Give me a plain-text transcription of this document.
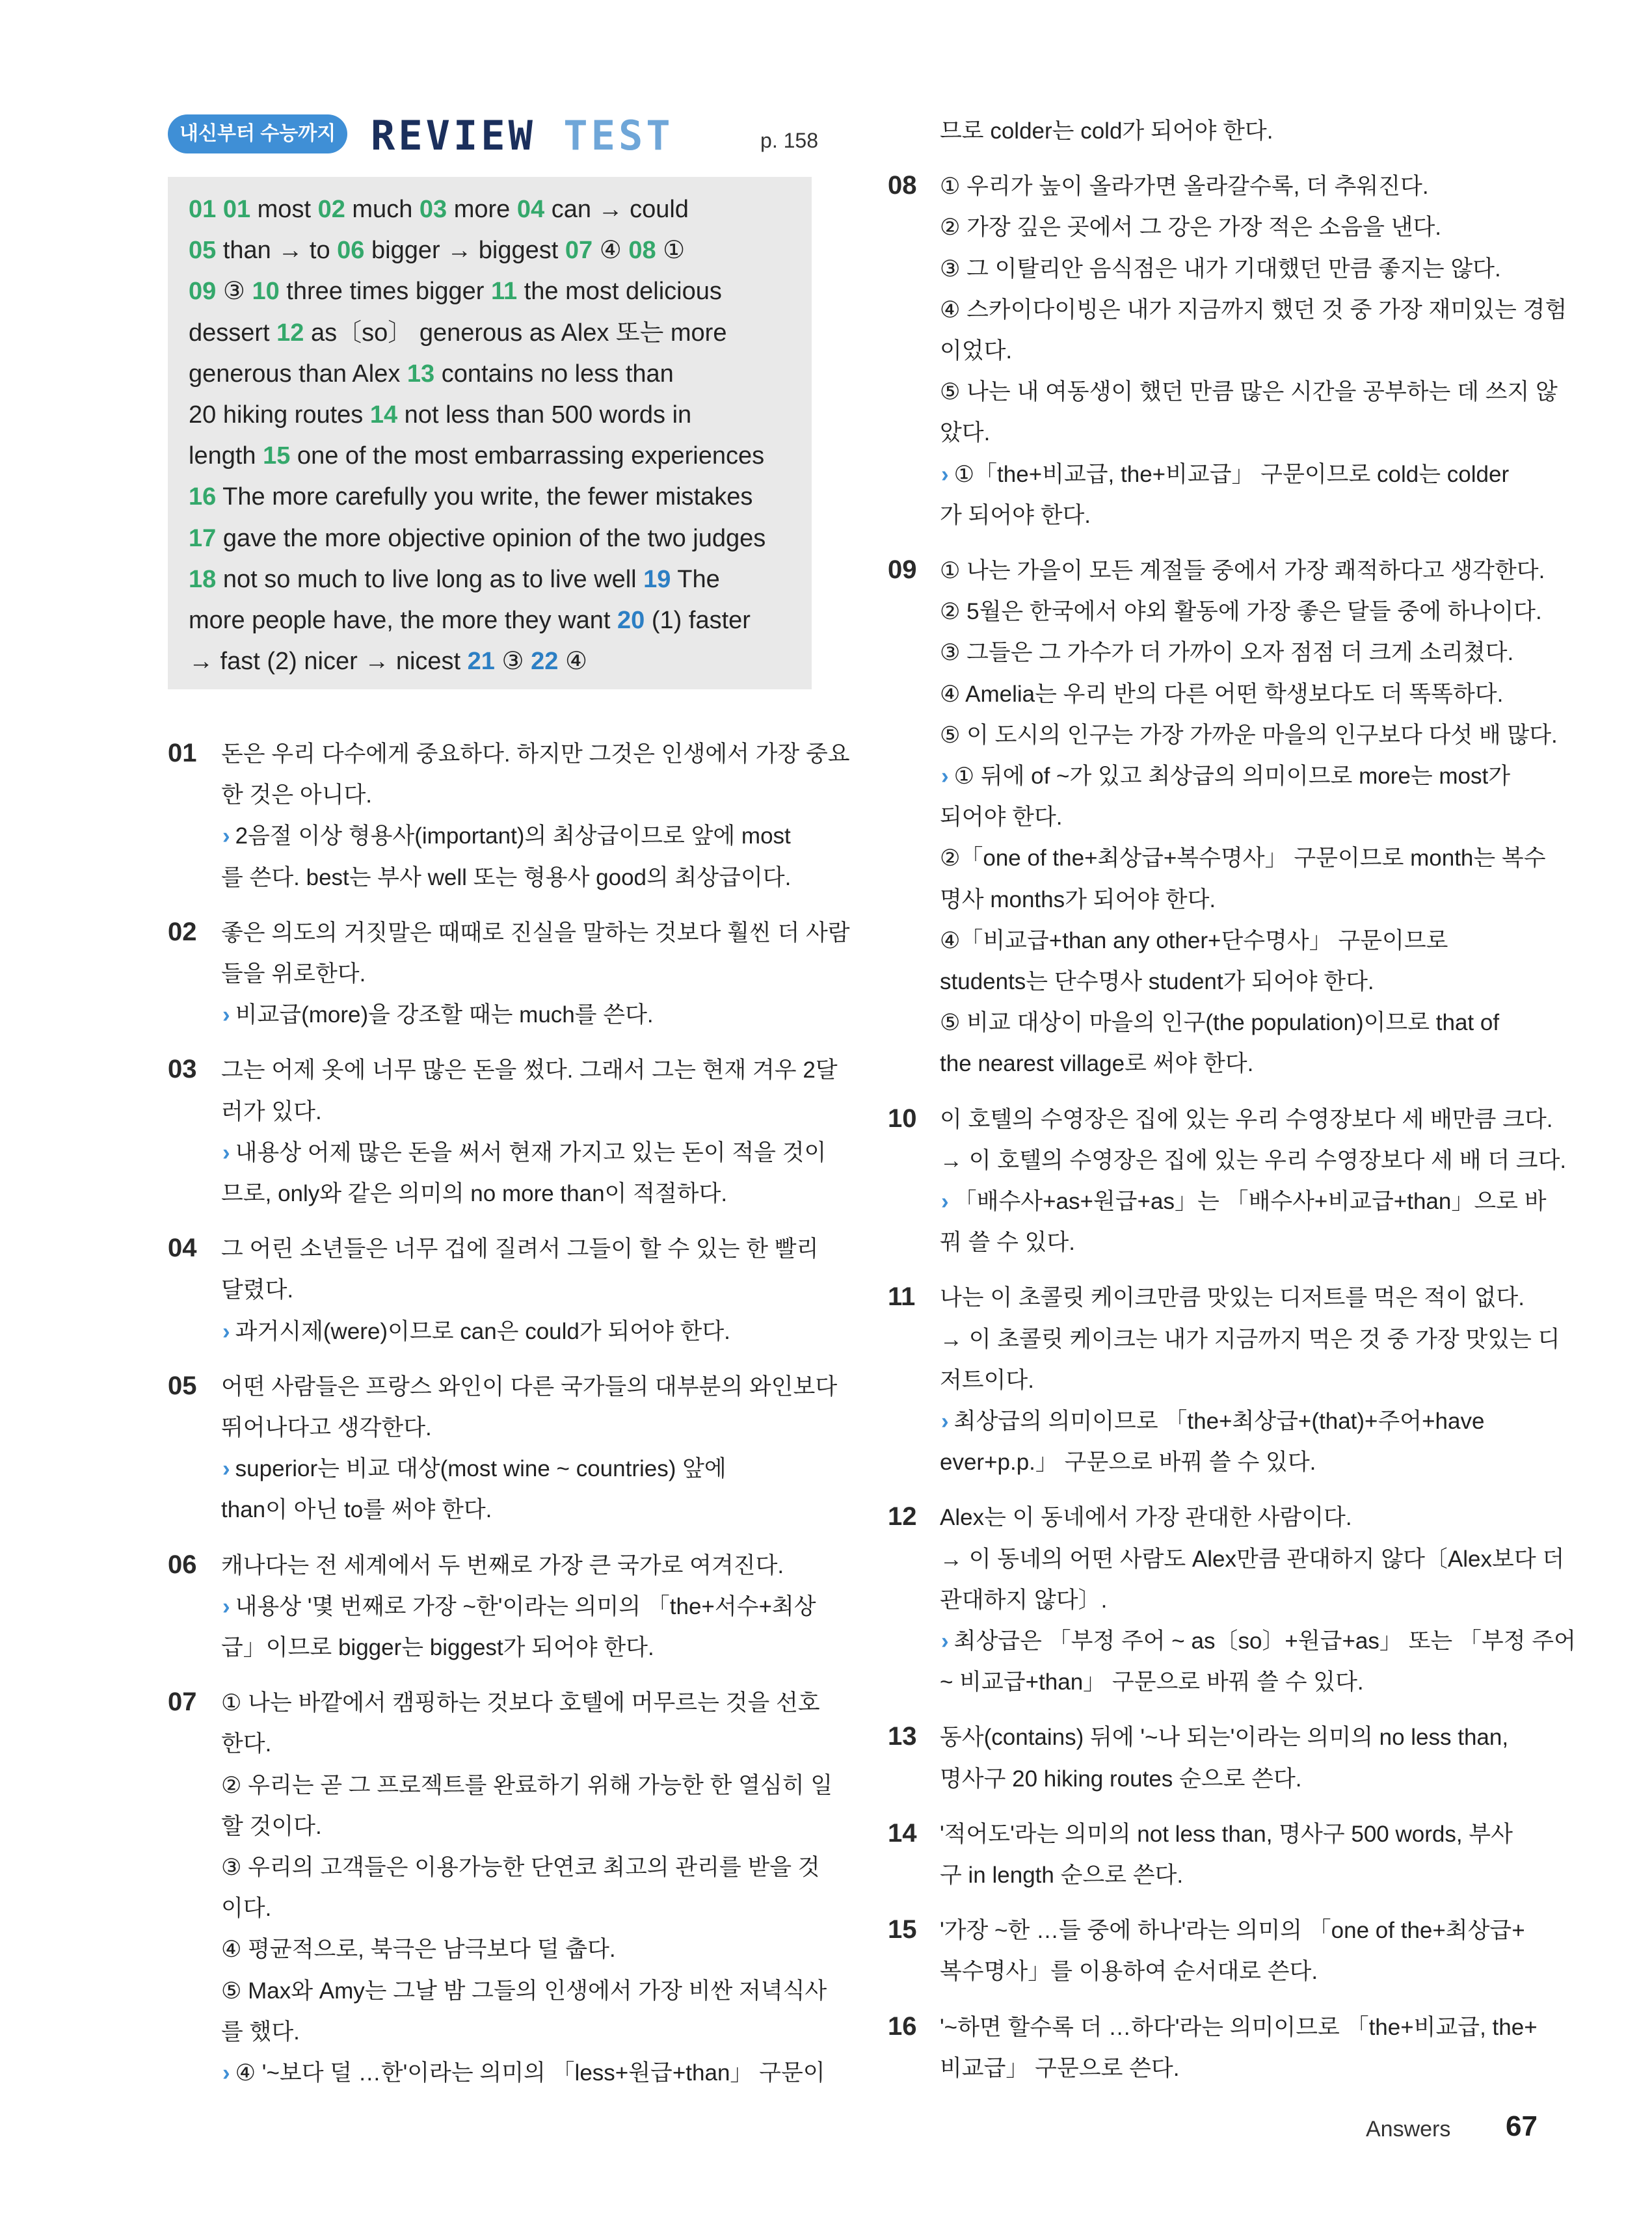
내신부터 수능까지 REVIEW TEST	p. 158
01 01 most 02 much 03 more 04 can → could
05 than → to 06 bigger → biggest 07 ④ 08 ①
09 ③ 10 three times bigger 11 the most delicious
dessert 12 as〔so〕 generous as Alex 또는 more
generous than Alex 13 contains no less than
20 hiking routes 14 not less than 500 words in
length 15 one of the most embarrassing experiences
16 The more carefully you write, the fewer mistakes
17 gave the more objective opinion of the two judges
18 not so much to live long as to live well 19 The
more people have, the more they want 20 (1) faster
→ fast (2) nicer → nicest 21 ③ 22 ④
01 돈은 우리 다수에게 중요하다. 하지만 그것은 인생에서 가장 중요
한 것은 아니다.
› 2음절 이상 형용사(important)의 최상급이므로 앞에 most
를 쓴다. best는 부사 well 또는 형용사 good의 최상급이다.
02 좋은 의도의 거짓말은 때때로 진실을 말하는 것보다 훨씬 더 사람
들을 위로한다.
› 비교급(more)을 강조할 때는 much를 쓴다.
03 그는 어제 옷에 너무 많은 돈을 썼다. 그래서 그는 현재 겨우 2달
러가 있다.
› 내용상 어제 많은 돈을 써서 현재 가지고 있는 돈이 적을 것이
므로, only와 같은 의미의 no more than이 적절하다.
04 그 어린 소년들은 너무 겁에 질려서 그들이 할 수 있는 한 빨리
달렸다.
› 과거시제(were)이므로 can은 could가 되어야 한다.
05 어떤 사람들은 프랑스 와인이 다른 국가들의 대부분의 와인보다
뛰어나다고 생각한다.
› superior는 비교 대상(most wine ~ countries) 앞에
than이 아닌 to를 써야 한다.
06 캐나다는 전 세계에서 두 번째로 가장 큰 국가로 여겨진다.
› 내용상 '몇 번째로 가장 ~한'이라는 의미의 「the+서수+최상
급」이므로 bigger는 biggest가 되어야 한다.
07 ① 나는 바깥에서 캠핑하는 것보다 호텔에 머무르는 것을 선호
한다.
② 우리는 곧 그 프로젝트를 완료하기 위해 가능한 한 열심히 일
할 것이다.
③ 우리의 고객들은 이용가능한 단연코 최고의 관리를 받을 것
이다.
④ 평균적으로, 북극은 남극보다 덜 춥다.
⑤ Max와 Amy는 그날 밤 그들의 인생에서 가장 비싼 저녁식사
를 했다.
› ④ '~보다 덜 …한'이라는 의미의 「less+원급+than」 구문이
므로 colder는 cold가 되어야 한다.
08 ① 우리가 높이 올라가면 올라갈수록, 더 추워진다.
② 가장 깊은 곳에서 그 강은 가장 적은 소음을 낸다.
③ 그 이탈리안 음식점은 내가 기대했던 만큼 좋지는 않다.
④ 스카이다이빙은 내가 지금까지 했던 것 중 가장 재미있는 경험
이었다.
⑤ 나는 내 여동생이 했던 만큼 많은 시간을 공부하는 데 쓰지 않
았다.
› ①「the+비교급, the+비교급」 구문이므로 cold는 colder
가 되어야 한다.
09 ① 나는 가을이 모든 계절들 중에서 가장 쾌적하다고 생각한다.
② 5월은 한국에서 야외 활동에 가장 좋은 달들 중에 하나이다.
③ 그들은 그 가수가 더 가까이 오자 점점 더 크게 소리쳤다.
④ Amelia는 우리 반의 다른 어떤 학생보다도 더 똑똑하다.
⑤ 이 도시의 인구는 가장 가까운 마을의 인구보다 다섯 배 많다.
› ① 뒤에 of ~가 있고 최상급의 의미이므로 more는 most가
되어야 한다.
②「one of the+최상급+복수명사」 구문이므로 month는 복수
명사 months가 되어야 한다.
④「비교급+than any other+단수명사」 구문이므로
students는 단수명사 student가 되어야 한다.
⑤ 비교 대상이 마을의 인구(the population)이므로 that of
the nearest village로 써야 한다.
10 이 호텔의 수영장은 집에 있는 우리 수영장보다 세 배만큼 크다.
→ 이 호텔의 수영장은 집에 있는 우리 수영장보다 세 배 더 크다.
› 「배수사+as+원급+as」는 「배수사+비교급+than」으로 바
꿔 쓸 수 있다.
11 나는 이 초콜릿 케이크만큼 맛있는 디저트를 먹은 적이 없다.
→ 이 초콜릿 케이크는 내가 지금까지 먹은 것 중 가장 맛있는 디
저트이다.
› 최상급의 의미이므로 「the+최상급+(that)+주어+have
ever+p.p.」 구문으로 바꿔 쓸 수 있다.
12 Alex는 이 동네에서 가장 관대한 사람이다.
→ 이 동네의 어떤 사람도 Alex만큼 관대하지 않다〔Alex보다 더
관대하지 않다〕.
› 최상급은 「부정 주어 ~ as〔so〕+원급+as」 또는 「부정 주어
~ 비교급+than」 구문으로 바꿔 쓸 수 있다.
13 동사(contains) 뒤에 '~나 되는'이라는 의미의 no less than,
명사구 20 hiking routes 순으로 쓴다.
14 '적어도'라는 의미의 not less than, 명사구 500 words, 부사
구 in length 순으로 쓴다.
15 '가장 ~한 …들 중에 하나'라는 의미의 「one of the+최상급+
복수명사」를 이용하여 순서대로 쓴다.
16 '~하면 할수록 더 …하다'라는 의미이므로 「the+비교급, the+
비교급」 구문으로 쓴다.
Answers 67
